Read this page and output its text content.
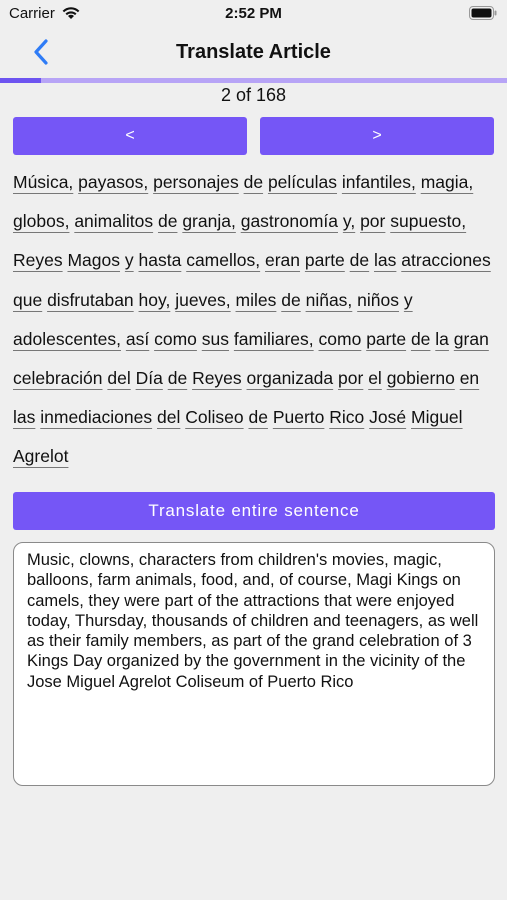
Carrier	2:52 PM
Translate Article
2 of 168
<	>
Música, payasos, personajes de películas infantiles, magia, globos, animalitos de granja, gastronomía y, por supuesto, Reyes Magos y hasta camellos, eran parte de las atracciones que disfrutaban hoy, jueves, miles de niñas, niños y adolescentes, así como sus familiares, como parte de la gran celebración del Día de Reyes organizada por el gobierno en las inmediaciones del Coliseo de Puerto Rico José Miguel Agrelot
Translate entire sentence
Music, clowns, characters from children's movies, magic, balloons, farm animals, food, and, of course, Magi Kings on camels, they were part of the attractions that were enjoyed today, Thursday, thousands of children and teenagers, as well as their family members, as part of the grand celebration of 3 Kings Day organized by the government in the vicinity of the Jose Miguel Agrelot Coliseum of Puerto Rico
